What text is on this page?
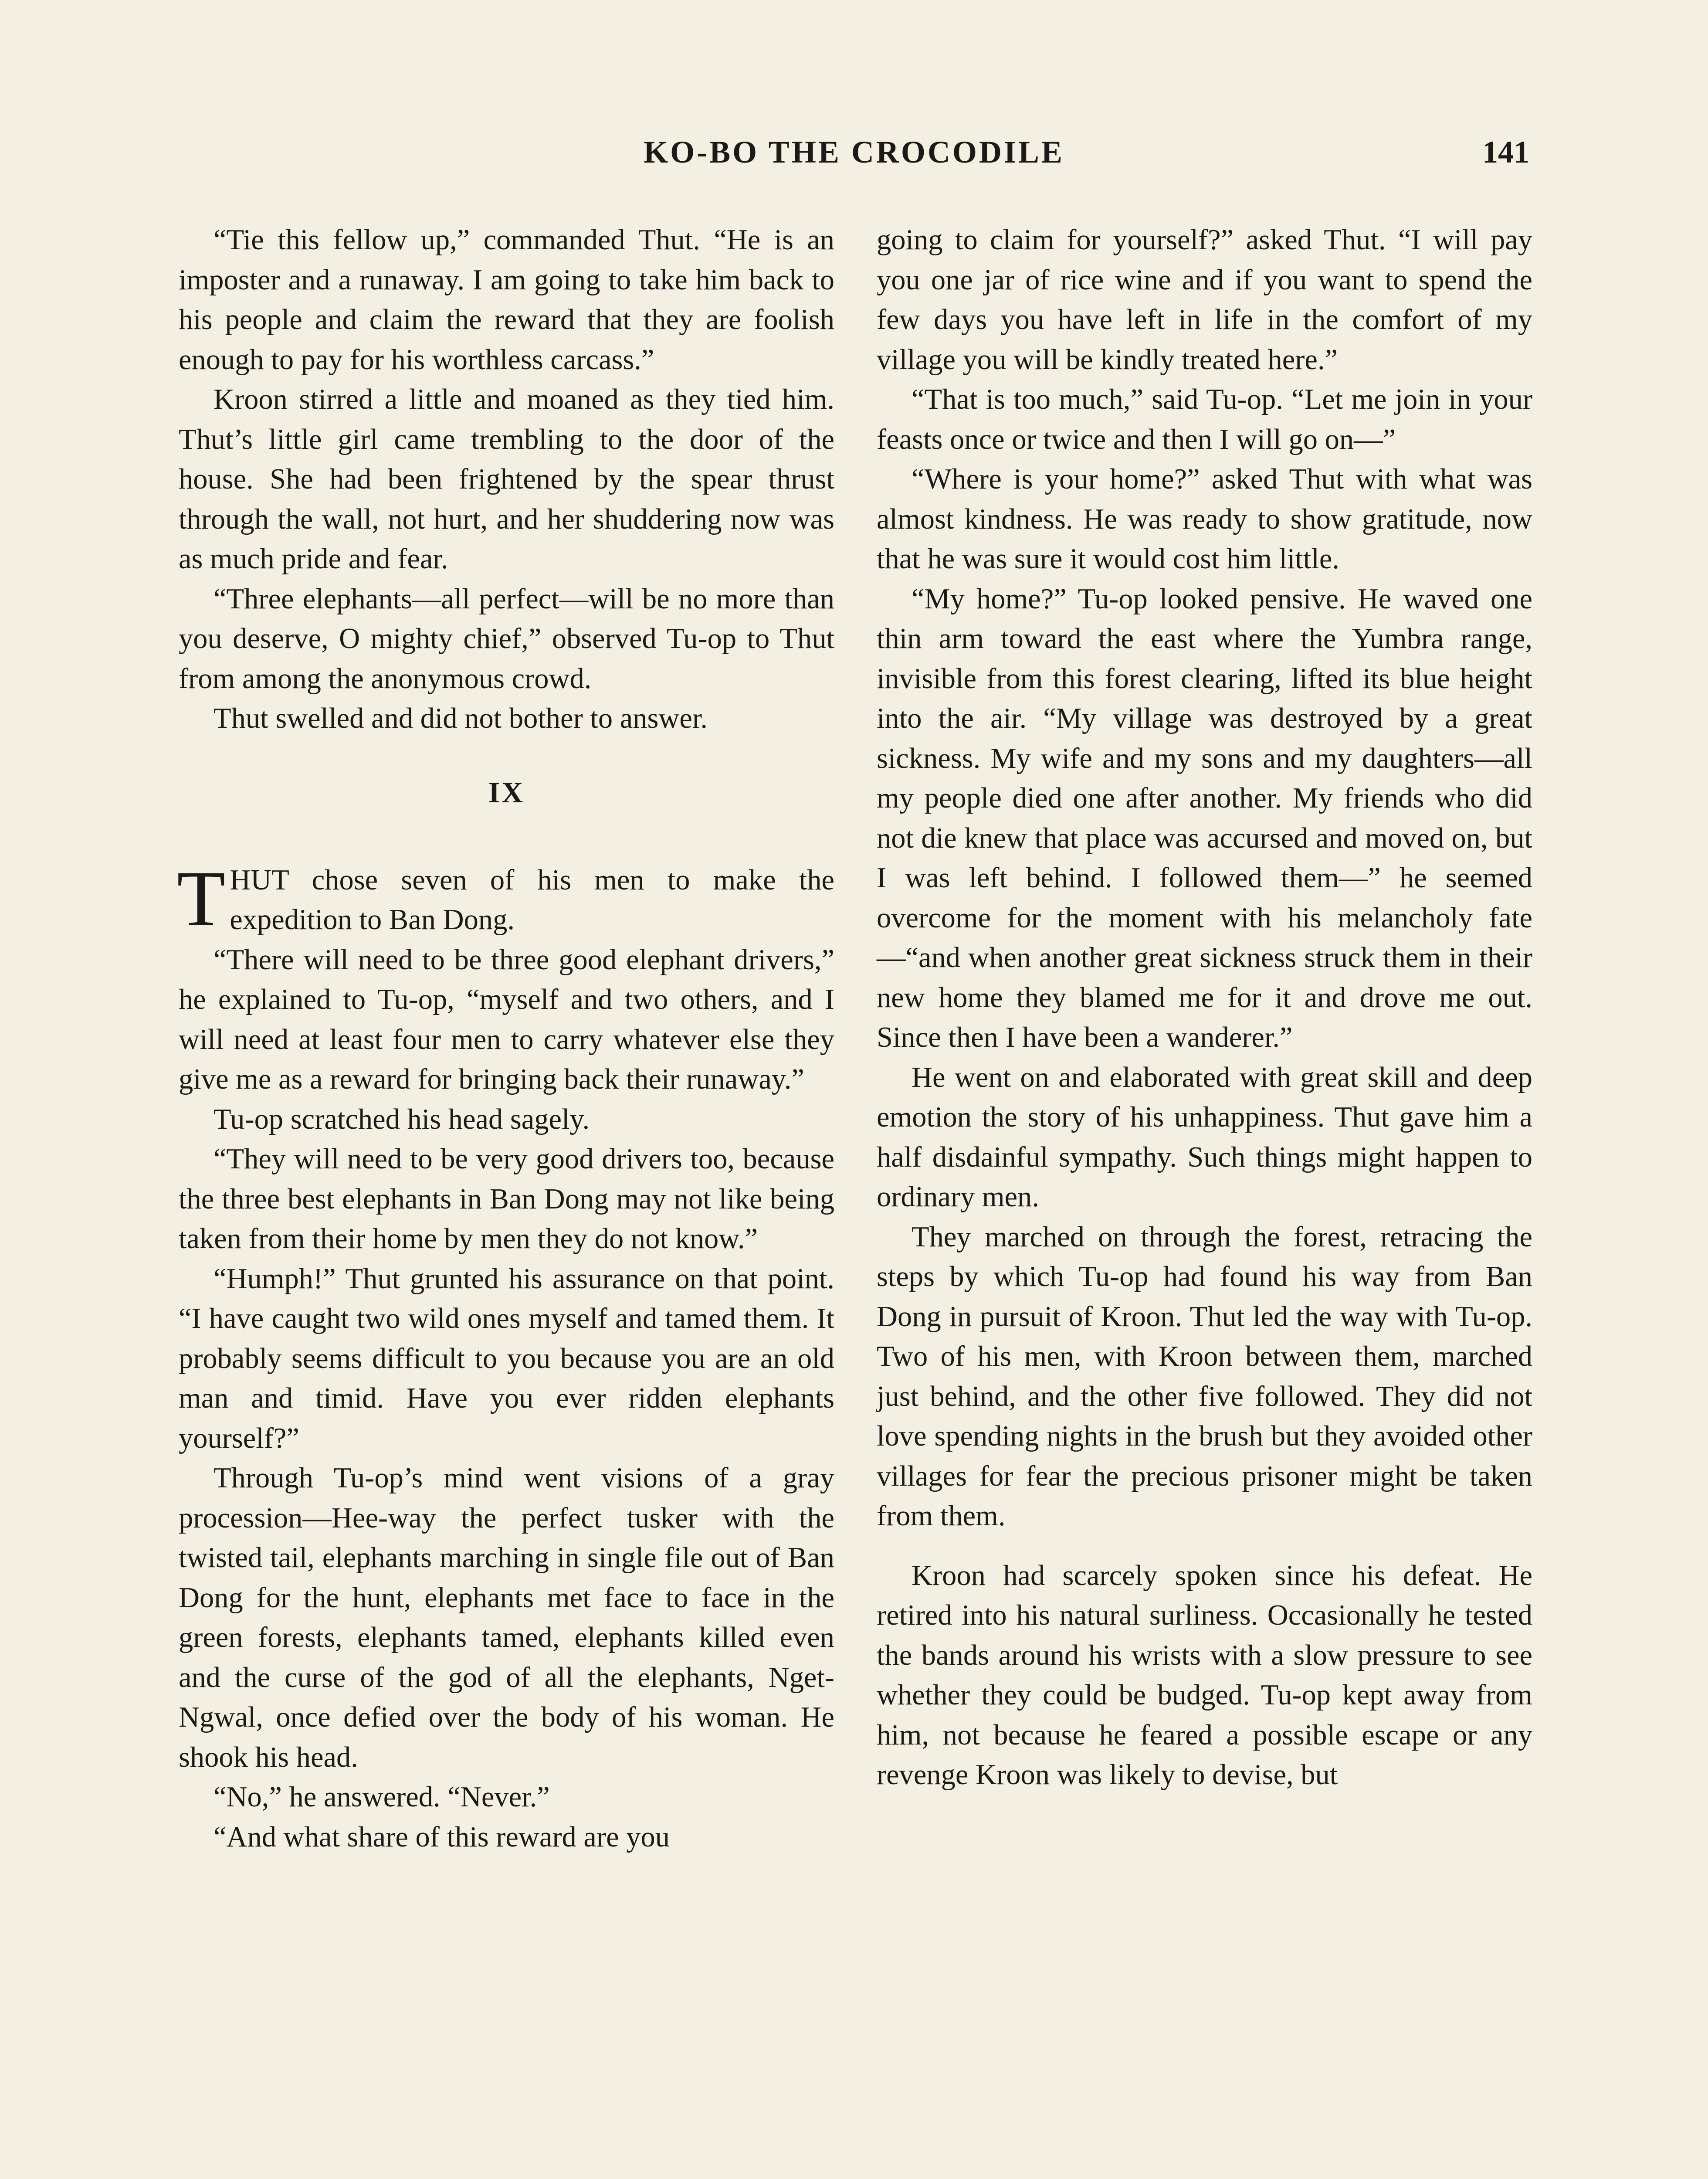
KO-BO THE CROCODILE	141

“Tie this fellow up,” commanded Thut. “He is an imposter and a runaway. I am going to take him back to his people and claim the reward that they are foolish enough to pay for his worthless carcass.”

Kroon stirred a little and moaned as they tied him. Thut’s little girl came trembling to the door of the house. She had been frightened by the spear thrust through the wall, not hurt, and her shuddering now was as much pride and fear.

“Three elephants—all perfect—will be no more than you deserve, O mighty chief,” observed Tu-op to Thut from among the anonymous crowd.

Thut swelled and did not bother to answer.

IX

THUT chose seven of his men to make the expedition to Ban Dong.

“There will need to be three good elephant drivers,” he explained to Tu-op, “myself and two others, and I will need at least four men to carry whatever else they give me as a reward for bringing back their runaway.”

Tu-op scratched his head sagely.

“They will need to be very good drivers too, because the three best elephants in Ban Dong may not like being taken from their home by men they do not know.”

“Humph!” Thut grunted his assurance on that point. “I have caught two wild ones myself and tamed them. It probably seems difficult to you because you are an old man and timid. Have you ever ridden elephants yourself?”

Through Tu-op’s mind went visions of a gray procession—Hee-way the perfect tusker with the twisted tail, elephants marching in single file out of Ban Dong for the hunt, elephants met face to face in the green forests, elephants tamed, elephants killed even and the curse of the god of all the elephants, Nget-Ngwal, once defied over the body of his woman. He shook his head.

“No,” he answered. “Never.”

“And what share of this reward are you

going to claim for yourself?” asked Thut. “I will pay you one jar of rice wine and if you want to spend the few days you have left in life in the comfort of my village you will be kindly treated here.”

“That is too much,” said Tu-op. “Let me join in your feasts once or twice and then I will go on—”

“Where is your home?” asked Thut with what was almost kindness. He was ready to show gratitude, now that he was sure it would cost him little.

“My home?” Tu-op looked pensive. He waved one thin arm toward the east where the Yumbra range, invisible from this forest clearing, lifted its blue height into the air. “My village was destroyed by a great sickness. My wife and my sons and my daughters—all my people died one after another. My friends who did not die knew that place was accursed and moved on, but I was left behind. I followed them—” he seemed overcome for the moment with his melancholy fate—“and when another great sickness struck them in their new home they blamed me for it and drove me out. Since then I have been a wanderer.”

He went on and elaborated with great skill and deep emotion the story of his unhappiness. Thut gave him a half disdainful sympathy. Such things might happen to ordinary men.

They marched on through the forest, retracing the steps by which Tu-op had found his way from Ban Dong in pursuit of Kroon. Thut led the way with Tu-op. Two of his men, with Kroon between them, marched just behind, and the other five followed. They did not love spending nights in the brush but they avoided other villages for fear the precious prisoner might be taken from them.

Kroon had scarcely spoken since his defeat. He retired into his natural surliness. Occasionally he tested the bands around his wrists with a slow pressure to see whether they could be budged. Tu-op kept away from him, not because he feared a possible escape or any revenge Kroon was likely to devise, but
